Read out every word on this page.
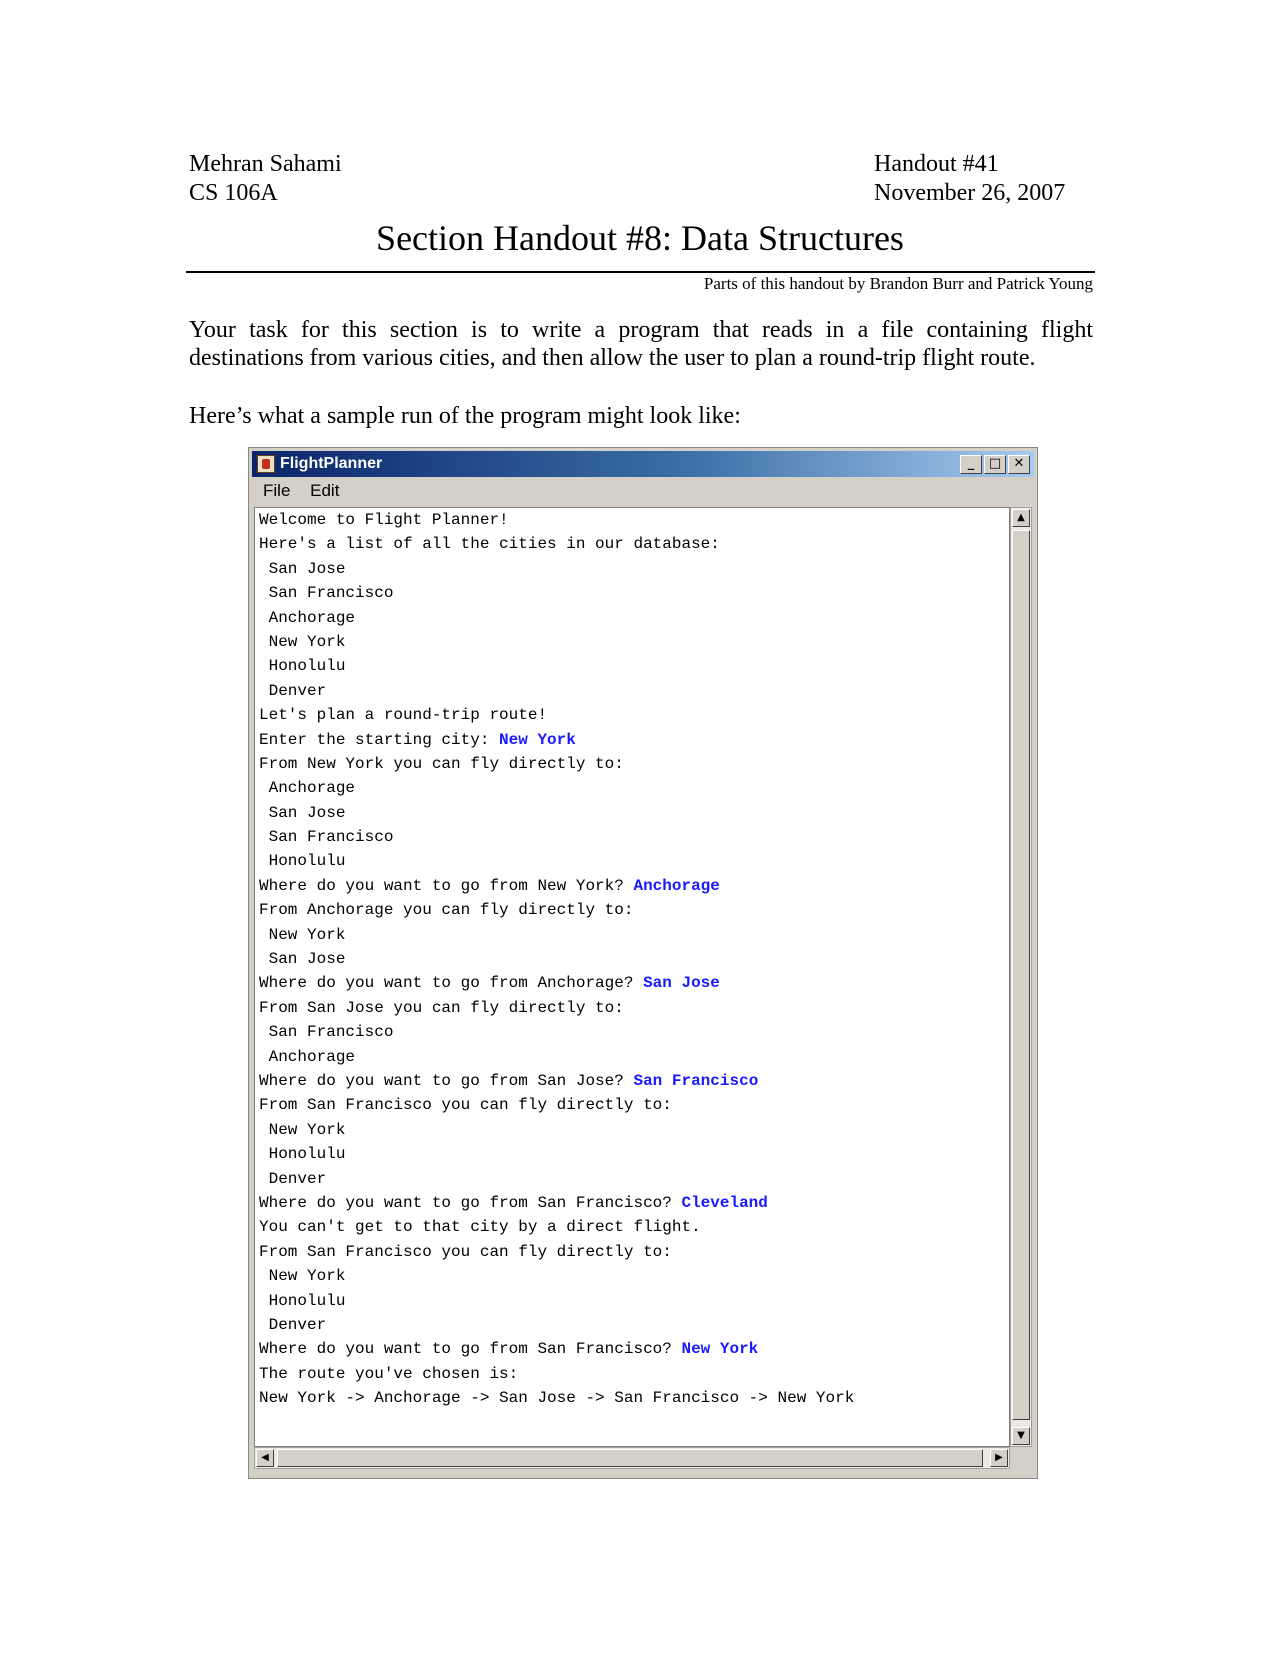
Mehran Sahami
CS 106A
Handout #41
November 26, 2007
Section Handout #8: Data Structures
Parts of this handout by Brandon Burr and Patrick Young
Your task for this section is to write a program that reads in a file containing flight destinations from various cities, and then allow the user to plan a round-trip flight route.
Here’s what a sample run of the program might look like:
FlightPlanner	_	□ ✕
File Edit
Welcome to Flight Planner!
Here's a list of all the cities in our database:
San Jose
San Francisco
Anchorage
New York
Honolulu
Denver
Let's plan a round-trip route!
Enter the starting city: New York
From New York you can fly directly to:
Anchorage
San Jose
San Francisco
Honolulu
Where do you want to go from New York? Anchorage
From Anchorage you can fly directly to:
New York
San Jose
Where do you want to go from Anchorage? San Jose
From San Jose you can fly directly to:
San Francisco
Anchorage
Where do you want to go from San Jose? San Francisco
From San Francisco you can fly directly to:
New York
Honolulu
Denver
Where do you want to go from San Francisco? Cleveland
You can't get to that city by a direct flight.
From San Francisco you can fly directly to:
New York
Honolulu
Denver
Where do you want to go from San Francisco? New York
The route you've chosen is:
New York -> Anchorage -> San Jose -> San Francisco -> New York
▲
▼
◀	▶
